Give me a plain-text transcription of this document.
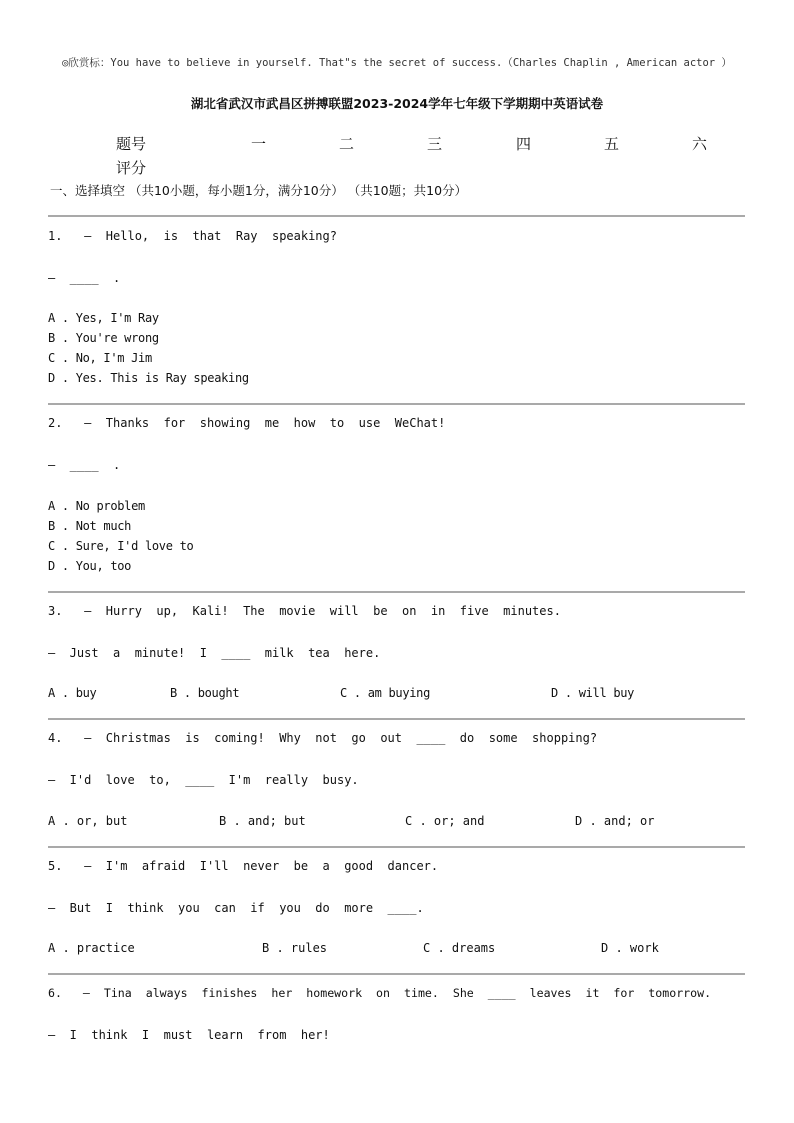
◎欣赏标：You have to believe in yourself. That"s the secret of success.（Charles Chaplin , American actor ）
湖北省武汉市武昌区拼搏联盟2023-2024学年七年级下学期期中英语试卷
题号	一	二	三	四	五	六
评分
一、选择填空 （共10小题，每小题1分，满分10分） （共10题；共10分）
1.   —  Hello,  is  that  Ray  speaking?
—  ____  .
A . Yes, I'm Ray
B . You're wrong
C . No, I'm Jim
D . Yes. This is Ray speaking
2.   —  Thanks  for  showing  me  how  to  use  WeChat!
—  ____  .
A . No problem
B . Not much
C . Sure, I'd love to
D . You, too
3.   —  Hurry  up,  Kali!  The  movie  will  be  on  in  five  minutes.
—  Just  a  minute!  I  ____  milk  tea  here.
A . buy	B . bought	C . am buying	D . will buy
4.   —  Christmas  is  coming!  Why  not  go  out  ____  do  some  shopping?
—  I'd  love  to,  ____  I'm  really  busy.
A . or, but	B . and; but	C . or; and	D . and; or
5.   —  I'm  afraid  I'll  never  be  a  good  dancer.
—  But  I  think  you  can  if  you  do  more  ____.
A . practice	B . rules	C . dreams	D . work
6.   —  Tina  always  finishes  her  homework  on  time.  She  ____  leaves  it  for  tomorrow.
—  I  think  I  must  learn  from  her!
